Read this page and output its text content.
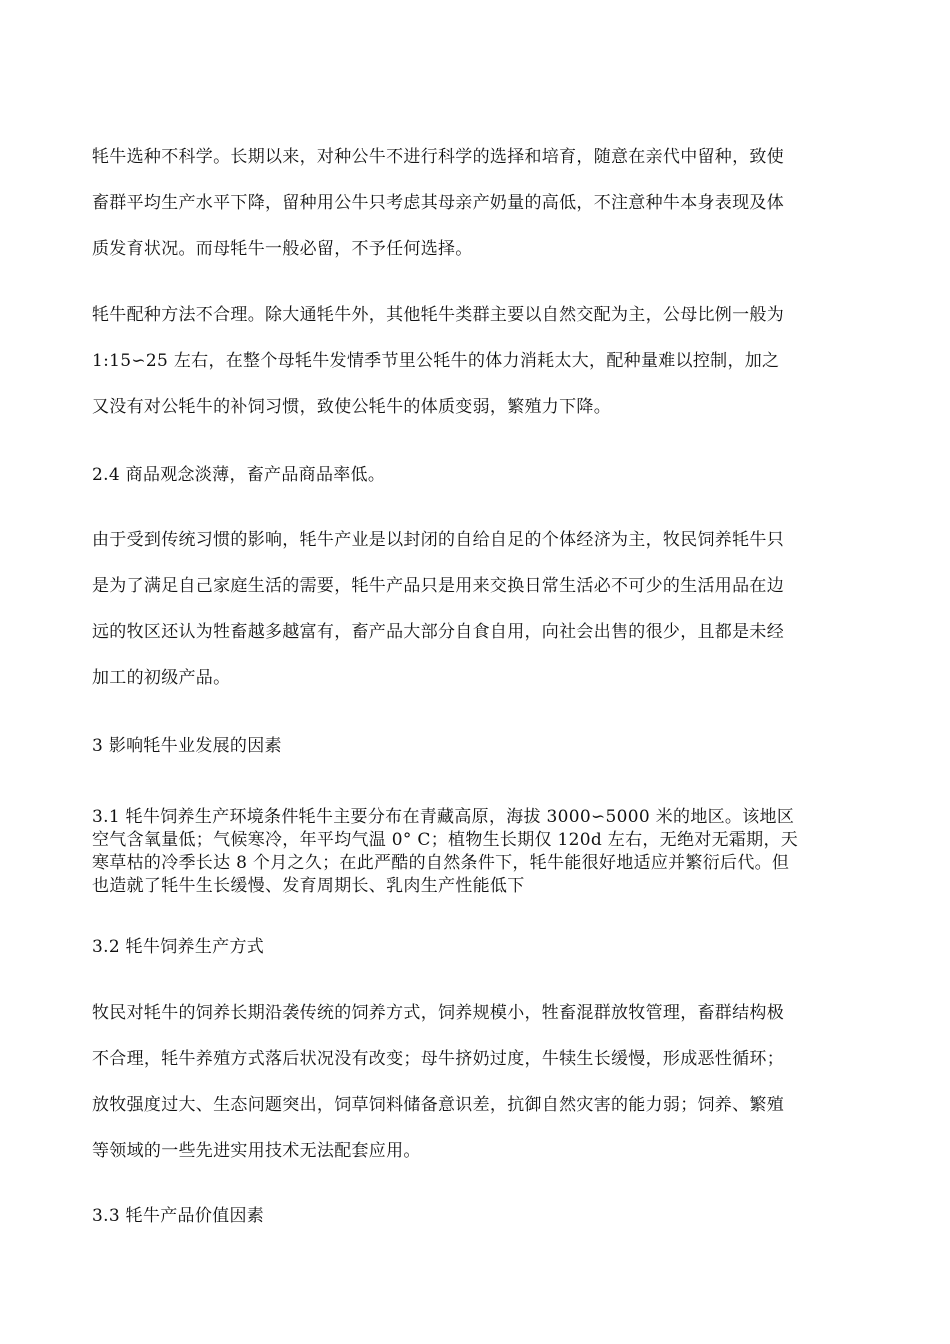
牦牛选种不科学。长期以来，对种公牛不进行科学的选择和培育，随意在亲代中留种，致使
畜群平均生产水平下降，留种用公牛只考虑其母亲产奶量的高低，不注意种牛本身表现及体
质发育状况。而母牦牛一般必留，不予任何选择。
牦牛配种方法不合理。除大通牦牛外，其他牦牛类群主要以自然交配为主，公母比例一般为
1:15∽25 左右，在整个母牦牛发情季节里公牦牛的体力消耗太大，配种量难以控制，加之
又没有对公牦牛的补饲习惯，致使公牦牛的体质变弱，繁殖力下降。
2.4 商品观念淡薄，畜产品商品率低。
由于受到传统习惯的影响，牦牛产业是以封闭的自给自足的个体经济为主，牧民饲养牦牛只
是为了满足自己家庭生活的需要，牦牛产品只是用来交换日常生活必不可少的生活用品在边
远的牧区还认为牲畜越多越富有，畜产品大部分自食自用，向社会出售的很少，且都是未经
加工的初级产品。
3 影响牦牛业发展的因素
3.1 牦牛饲养生产环境条件牦牛主要分布在青藏高原，海拔 3000∽5000 米的地区。该地区
空气含氧量低；气候寒冷，年平均气温 0° C；植物生长期仅 120d 左右，无绝对无霜期，天
寒草枯的冷季长达 8 个月之久；在此严酷的自然条件下，牦牛能很好地适应并繁衍后代。但
也造就了牦牛生长缓慢、发育周期长、乳肉生产性能低下
3.2 牦牛饲养生产方式
牧民对牦牛的饲养长期沿袭传统的饲养方式，饲养规模小，牲畜混群放牧管理，畜群结构极
不合理，牦牛养殖方式落后状况没有改变；母牛挤奶过度，牛犊生长缓慢，形成恶性循环；
放牧强度过大、生态问题突出，饲草饲料储备意识差，抗御自然灾害的能力弱；饲养、繁殖
等领域的一些先进实用技术无法配套应用。
3.3 牦牛产品价值因素
